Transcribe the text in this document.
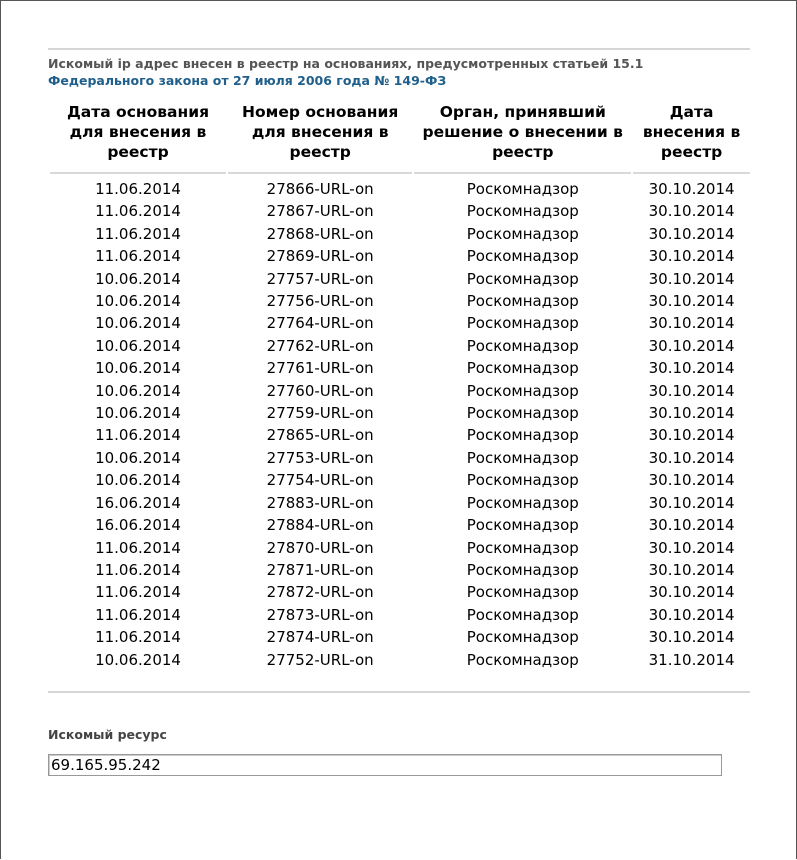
Искомый ip адрес внесен в реестр на основаниях, предусмотренных статьей 15.1 Федерального закона от 27 июля 2006 года № 149-ФЗ
Дата основания для внесения в реестр	Номер основания для внесения в реестр	Орган, принявший решение о внесении в реестр	Дата внесения в реестр
11.06.2014	27866-URL-on	Роскомнадзор	30.10.2014
11.06.2014	27867-URL-on	Роскомнадзор	30.10.2014
11.06.2014	27868-URL-on	Роскомнадзор	30.10.2014
11.06.2014	27869-URL-on	Роскомнадзор	30.10.2014
10.06.2014	27757-URL-on	Роскомнадзор	30.10.2014
10.06.2014	27756-URL-on	Роскомнадзор	30.10.2014
10.06.2014	27764-URL-on	Роскомнадзор	30.10.2014
10.06.2014	27762-URL-on	Роскомнадзор	30.10.2014
10.06.2014	27761-URL-on	Роскомнадзор	30.10.2014
10.06.2014	27760-URL-on	Роскомнадзор	30.10.2014
10.06.2014	27759-URL-on	Роскомнадзор	30.10.2014
11.06.2014	27865-URL-on	Роскомнадзор	30.10.2014
10.06.2014	27753-URL-on	Роскомнадзор	30.10.2014
10.06.2014	27754-URL-on	Роскомнадзор	30.10.2014
16.06.2014	27883-URL-on	Роскомнадзор	30.10.2014
16.06.2014	27884-URL-on	Роскомнадзор	30.10.2014
11.06.2014	27870-URL-on	Роскомнадзор	30.10.2014
11.06.2014	27871-URL-on	Роскомнадзор	30.10.2014
11.06.2014	27872-URL-on	Роскомнадзор	30.10.2014
11.06.2014	27873-URL-on	Роскомнадзор	30.10.2014
11.06.2014	27874-URL-on	Роскомнадзор	30.10.2014
10.06.2014	27752-URL-on	Роскомнадзор	31.10.2014
Искомый ресурс
69.165.95.242
